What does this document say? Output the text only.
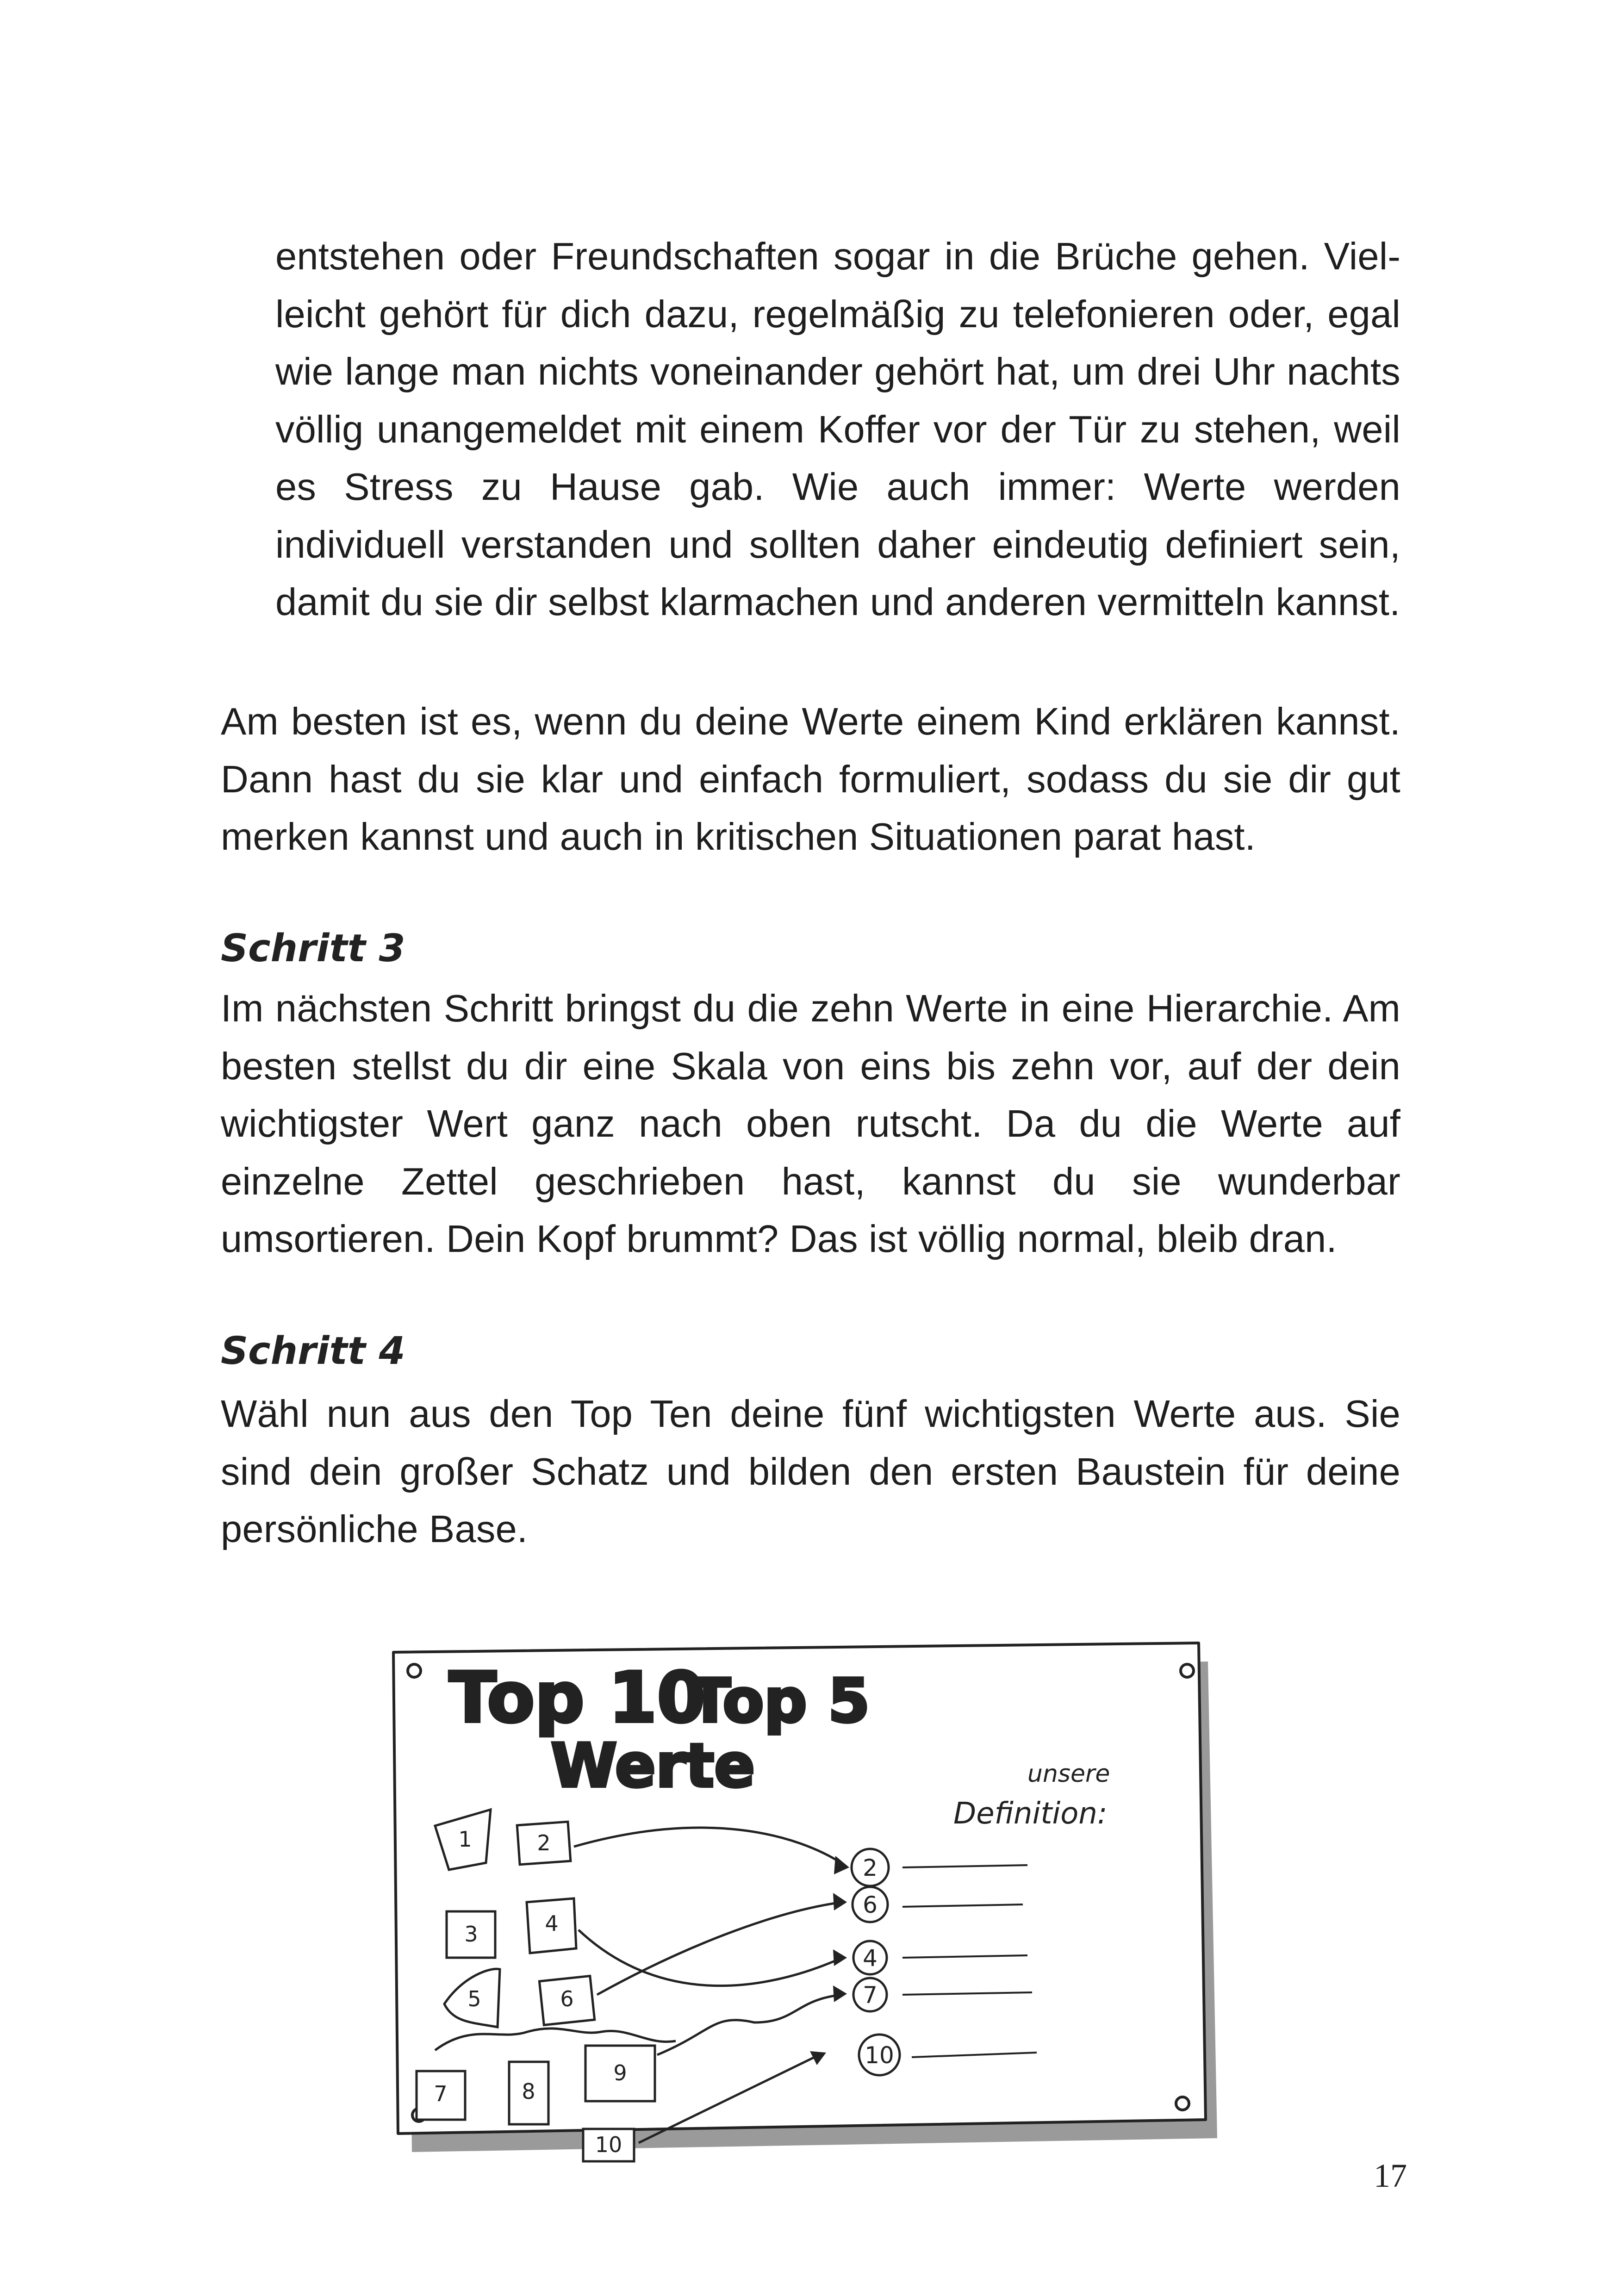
entstehen oder Freundschaften sogar in die Brüche gehen. Vielleicht gehört für dich dazu, regelmäßig zu telefonieren oder, egal wie lange man nichts voneinander gehört hat, um drei Uhr nachts völlig unangemeldet mit einem Koffer vor der Tür zu stehen, weil es Stress zu Hause gab. Wie auch immer: Werte werden individuell verstanden und sollten daher eindeutig definiert sein, damit du sie dir selbst klarmachen und anderen vermitteln kannst.

Am besten ist es, wenn du deine Werte einem Kind erklären kannst. Dann hast du sie klar und einfach formuliert, sodass du sie dir gut merken kannst und auch in kritischen Situationen parat hast.

Schritt 3

Im nächsten Schritt bringst du die zehn Werte in eine Hierarchie. Am besten stellst du dir eine Skala von eins bis zehn vor, auf der dein wichtigster Wert ganz nach oben rutscht. Da du die Werte auf einzelne Zettel geschrieben hast, kannst du sie wunderbar umsortieren. Dein Kopf brummt? Das ist völlig normal, bleib dran.

Schritt 4

Wähl nun aus den Top Ten deine fünf wichtigsten Werte aus. Sie sind dein großer Schatz und bilden den ersten Baustein für deine persönliche Base.

Top 10
Top 5
Werte	unsere
Definition:
1	2
3	4
5	6
7	8
9
10
2
6
4
7
10
17
